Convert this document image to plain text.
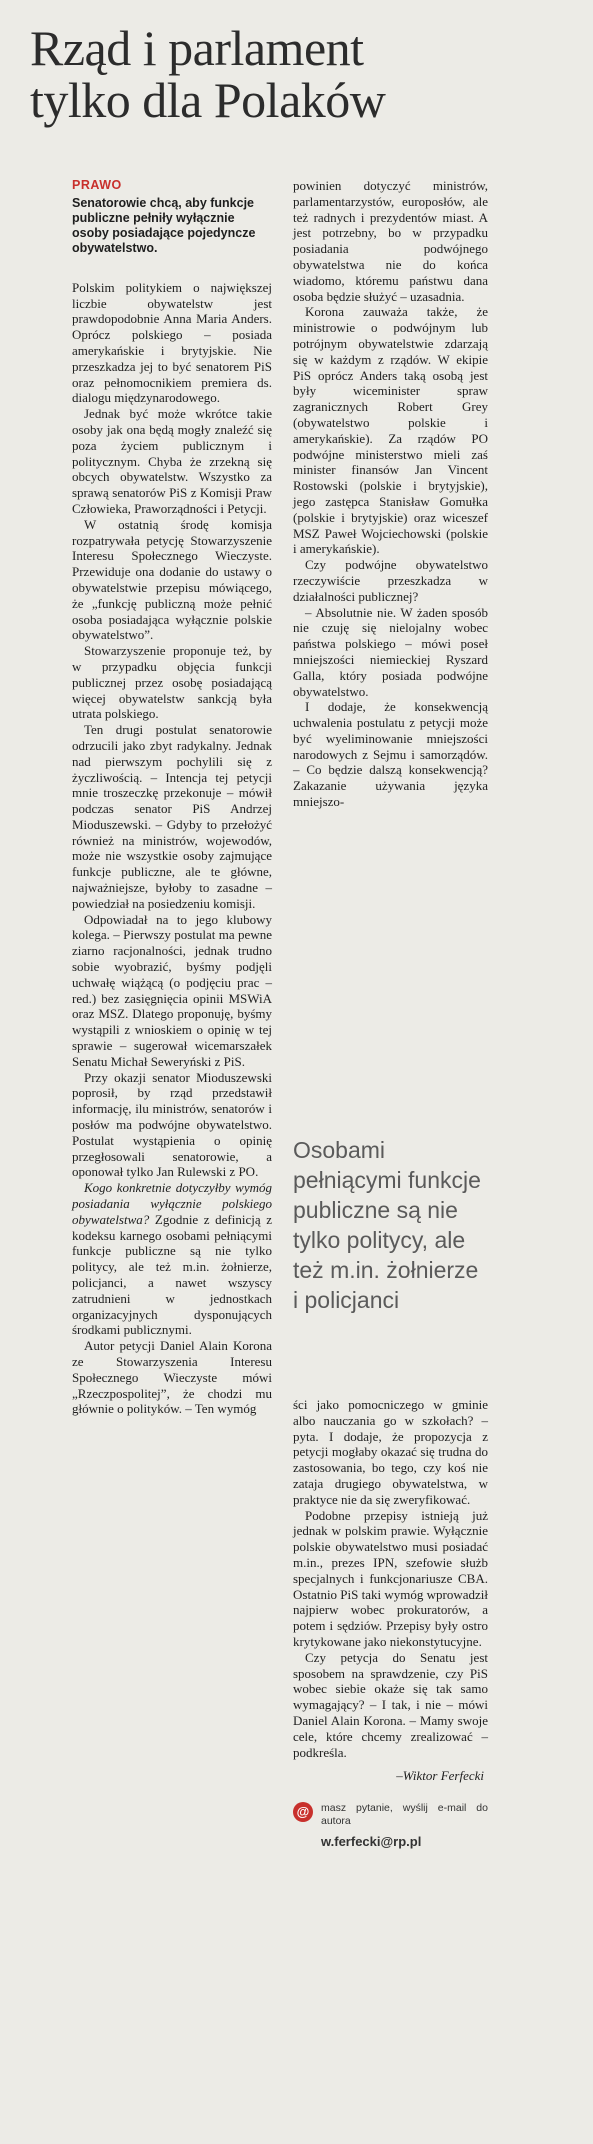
Rząd i parlament
tylko dla Polaków
PRAWO
Senatorowie chcą, aby funkcje publiczne pełniły wyłącznie osoby posiadające pojedyncze obywatelstwo.

Polskim politykiem o największej liczbie obywatelstw jest prawdopodobnie Anna Maria Anders. Oprócz polskiego – posiada amerykańskie i brytyjskie. Nie przeszkadza jej to być senatorem PiS oraz pełnomocnikiem premiera ds. dialogu międzynarodowego.

Jednak być może wkrótce takie osoby jak ona będą mogły znaleźć się poza życiem publicznym i politycznym. Chyba że zrzekną się obcych obywatelstw. Wszystko za sprawą senatorów PiS z Komisji Praw Człowieka, Praworządności i Petycji.

W ostatnią środę komisja rozpatrywała petycję Stowarzyszenie Interesu Społecznego Wieczyste. Przewiduje ona dodanie do ustawy o obywatelstwie przepisu mówiącego, że „funkcję publiczną może pełnić osoba posiadająca wyłącznie polskie obywatelstwo”.

Stowarzyszenie proponuje też, by w przypadku objęcia funkcji publicznej przez osobę posiadającą więcej obywatelstw sankcją była utrata polskiego.

Ten drugi postulat senatorowie odrzucili jako zbyt radykalny. Jednak nad pierwszym pochylili się z życzliwością. – Intencja tej petycji mnie troszeczkę przekonuje – mówił podczas senator PiS Andrzej Mioduszewski. – Gdyby to przełożyć również na ministrów, wojewodów, może nie wszystkie osoby zajmujące funkcje publiczne, ale te główne, najważniejsze, byłoby to zasadne – powiedział na posiedzeniu komisji.

Odpowiadał na to jego klubowy kolega. – Pierwszy postulat ma pewne ziarno racjonalności, jednak trudno sobie wyobrazić, byśmy podjęli uchwałę wiążącą (o podjęciu prac – red.) bez zasięgnięcia opinii MSWiA oraz MSZ. Dlatego proponuję, byśmy wystąpili z wnioskiem o opinię w tej sprawie – sugerował wicemarszałek Senatu Michał Seweryński z PiS.

Przy okazji senator Mioduszewski poprosił, by rząd przedstawił informację, ilu ministrów, senatorów i posłów ma podwójne obywatelstwo. Postulat wystąpienia o opinię przegłosowali senatorowie, a oponował tylko Jan Rulewski z PO.

Kogo konkretnie dotyczyłby wymóg posiadania wyłącznie polskiego obywatelstwa? Zgodnie z definicją z kodeksu karnego osobami pełniącymi funkcje publiczne są nie tylko politycy, ale też m.in. żołnierze, policjanci, a nawet wszyscy zatrudnieni w jednostkach organizacyjnych dysponujących środkami publicznymi.

Autor petycji Daniel Alain Korona ze Stowarzyszenia Interesu Społecznego Wieczyste mówi „Rzeczpospolitej”, że chodzi mu głównie o polityków. – Ten wymóg

powinien dotyczyć ministrów, parlamentarzystów, europosłów, ale też radnych i prezydentów miast. A jest potrzebny, bo w przypadku posiadania podwójnego obywatelstwa nie do końca wiadomo, któremu państwu dana osoba będzie służyć – uzasadnia.

Korona zauważa także, że ministrowie o podwójnym lub potrójnym obywatelstwie zdarzają się w każdym z rządów. W ekipie PiS oprócz Anders taką osobą jest były wiceminister spraw zagranicznych Robert Grey (obywatelstwo polskie i amerykańskie). Za rządów PO podwójne ministerstwo mieli zaś minister finansów Jan Vincent Rostowski (polskie i brytyjskie), jego zastępca Stanisław Gomułka (polskie i brytyjskie) oraz wiceszef MSZ Paweł Wojciechowski (polskie i amerykańskie).

Czy podwójne obywatelstwo rzeczywiście przeszkadza w działalności publicznej?

– Absolutnie nie. W żaden sposób nie czuję się nielojalny wobec państwa polskiego – mówi poseł mniejszości niemieckiej Ryszard Galla, który posiada podwójne obywatelstwo.

I dodaje, że konsekwencją uchwalenia postulatu z petycji może być wyeliminowanie mniejszości narodowych z Sejmu i samorządów. – Co będzie dalszą konsekwencją? Zakazanie używania języka mniejszo-

Osobami pełniącymi funkcje publiczne są nie tylko politycy, ale też m.in. żołnierze i policjanci

ści jako pomocniczego w gminie albo nauczania go w szkołach? – pyta. I dodaje, że propozycja z petycji mogłaby okazać się trudna do zastosowania, bo tego, czy koś nie zataja drugiego obywatelstwa, w praktyce nie da się zweryfikować.

Podobne przepisy istnieją już jednak w polskim prawie. Wyłącznie polskie obywatelstwo musi posiadać m.in., prezes IPN, szefowie służb specjalnych i funkcjonariusze CBA. Ostatnio PiS taki wymóg wprowadził najpierw wobec prokuratorów, a potem i sędziów. Przepisy były ostro krytykowane jako niekonstytucyjne.

Czy petycja do Senatu jest sposobem na sprawdzenie, czy PiS wobec siebie okaże się tak samo wymagający? – I tak, i nie – mówi Daniel Alain Korona. – Mamy swoje cele, które chcemy zrealizować – podkreśla.

–Wiktor Ferfecki
@	masz pytanie, wyślij e-mail do autora
w.ferfecki@rp.pl
